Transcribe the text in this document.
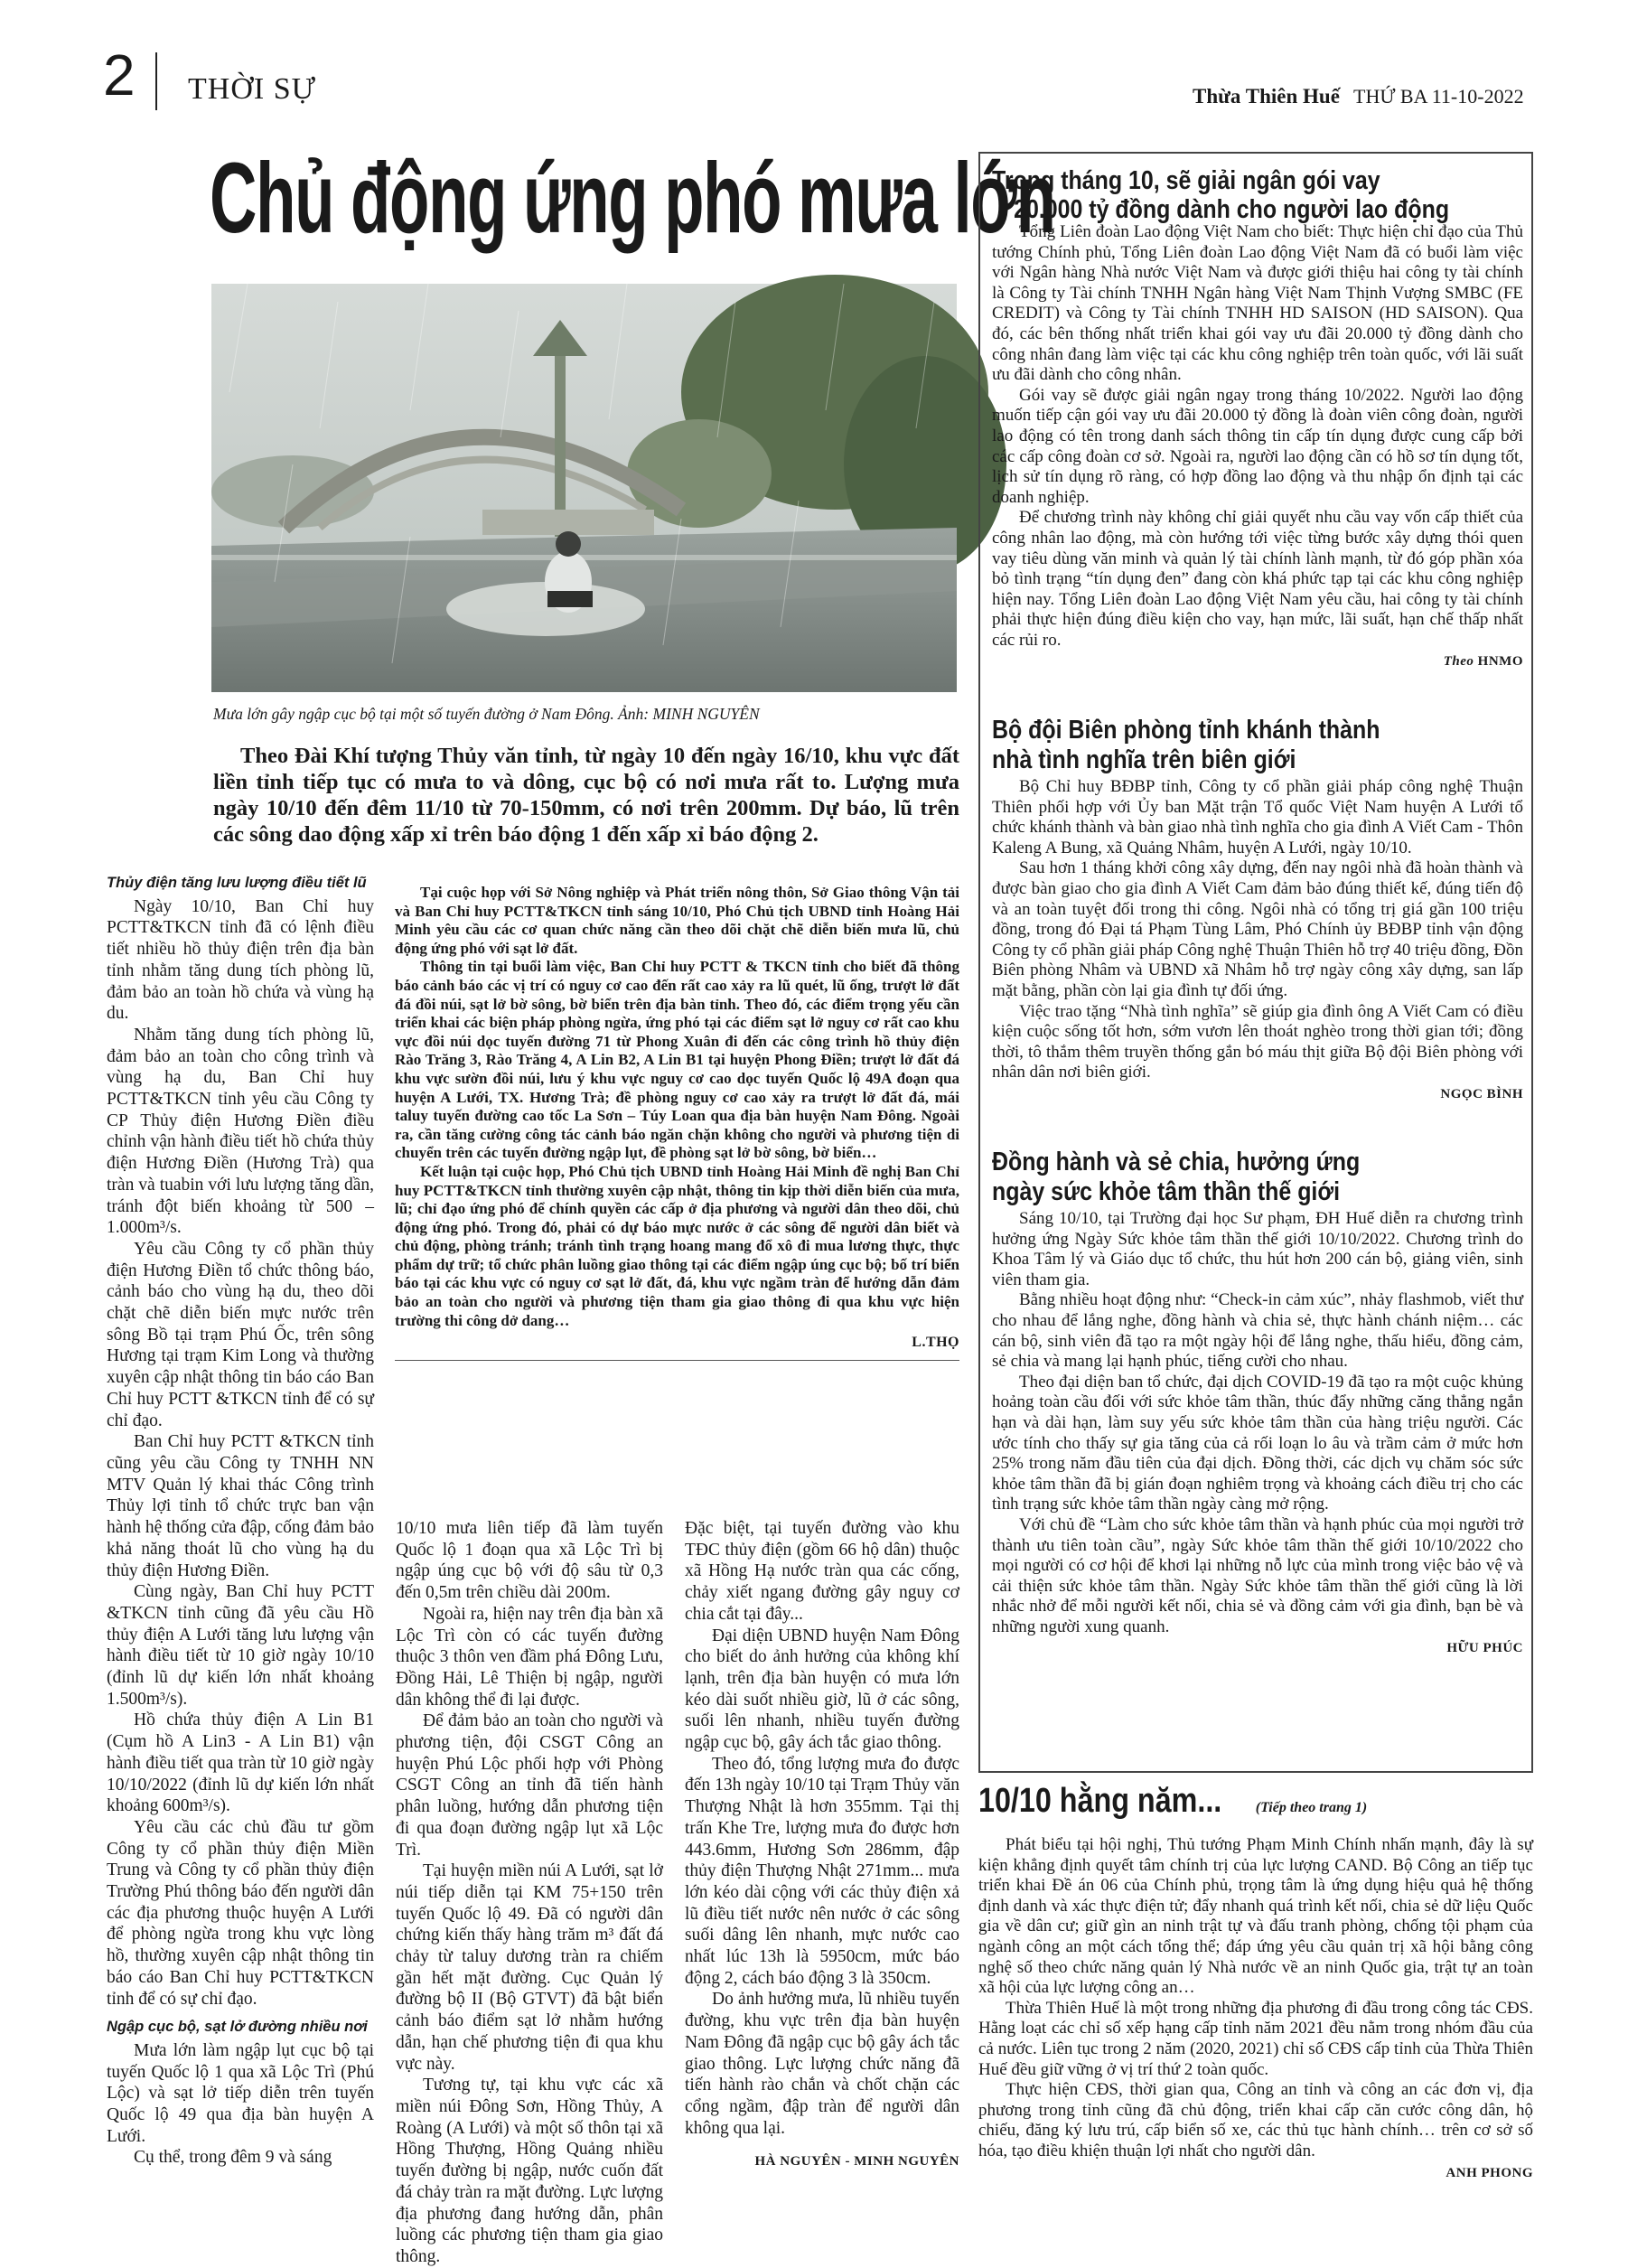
2 THỜI SỰ	Thừa Thiên Huế THỨ BA 11-10-2022
Chủ động ứng phó mưa lớn
Mưa lớn gây ngập cục bộ tại một số tuyến đường ở Nam Đông. Ảnh: MINH NGUYÊN
Theo Đài Khí tượng Thủy văn tỉnh, từ ngày 10 đến ngày 16/10, khu vực đất liền tỉnh tiếp tục có mưa to và dông, cục bộ có nơi mưa rất to. Lượng mưa ngày 10/10 đến đêm 11/10 từ 70-150mm, có nơi trên 200mm. Dự báo, lũ trên các sông dao động xấp xỉ trên báo động 1 đến xấp xỉ báo động 2.
Thủy điện tăng lưu lượng điều tiết lũ

Ngày 10/10, Ban Chỉ huy PCTT&TKCN tỉnh đã có lệnh điều tiết nhiều hồ thủy điện trên địa bàn tỉnh nhằm tăng dung tích phòng lũ, đảm bảo an toàn hồ chứa và vùng hạ du.

Nhằm tăng dung tích phòng lũ, đảm bảo an toàn cho công trình và vùng hạ du, Ban Chỉ huy PCTT&TKCN tỉnh yêu cầu Công ty CP Thủy điện Hương Điền điều chỉnh vận hành điều tiết hồ chứa thủy điện Hương Điền (Hương Trà) qua tràn và tuabin với lưu lượng tăng dần, tránh đột biến khoảng từ 500 – 1.000m³/s.

Yêu cầu Công ty cổ phần thủy điện Hương Điền tổ chức thông báo, cảnh báo cho vùng hạ du, theo dõi chặt chẽ diễn biến mực nước trên sông Bồ tại trạm Phú Ốc, trên sông Hương tại trạm Kim Long và thường xuyên cập nhật thông tin báo cáo Ban Chỉ huy PCTT &TKCN tỉnh để có sự chỉ đạo.

Ban Chỉ huy PCTT &TKCN tỉnh cũng yêu cầu Công ty TNHH NN MTV Quản lý khai thác Công trình Thủy lợi tỉnh tổ chức trực ban vận hành hệ thống cửa đập, cống đảm bảo khả năng thoát lũ cho vùng hạ du thủy điện Hương Điền.

Cùng ngày, Ban Chỉ huy PCTT &TKCN tỉnh cũng đã yêu cầu Hồ thủy điện A Lưới tăng lưu lượng vận hành điều tiết từ 10 giờ ngày 10/10 (đỉnh lũ dự kiến lớn nhất khoảng 1.500m³/s).

Hồ chứa thủy điện A Lin B1 (Cụm hồ A Lin3 - A Lin B1) vận hành điều tiết qua tràn từ 10 giờ ngày 10/10/2022 (đỉnh lũ dự kiến lớn nhất khoảng 600m³/s).

Yêu cầu các chủ đầu tư gồm Công ty cổ phần thủy điện Miền Trung và Công ty cổ phần thủy điện Trường Phú thông báo đến người dân các địa phương thuộc huyện A Lưới để phòng ngừa trong khu vực lòng hồ, thường xuyên cập nhật thông tin báo cáo Ban Chỉ huy PCTT&TKCN tỉnh để có sự chỉ đạo.

Ngập cục bộ, sạt lở đường nhiều nơi

Mưa lớn làm ngập lụt cục bộ tại tuyến Quốc lộ 1 qua xã Lộc Trì (Phú Lộc) và sạt lở tiếp diễn trên tuyến Quốc lộ 49 qua địa bàn huyện A Lưới.

Cụ thể, trong đêm 9 và sáng

Tại cuộc họp với Sở Nông nghiệp và Phát triển nông thôn, Sở Giao thông Vận tải và Ban Chỉ huy PCTT&TKCN tỉnh sáng 10/10, Phó Chủ tịch UBND tỉnh Hoàng Hải Minh yêu cầu các cơ quan chức năng cần theo dõi chặt chẽ diễn biến mưa lũ, chủ động ứng phó với sạt lở đất.

Thông tin tại buổi làm việc, Ban Chỉ huy PCTT & TKCN tỉnh cho biết đã thông báo cảnh báo các vị trí có nguy cơ cao đến rất cao xảy ra lũ quét, lũ ống, trượt lở đất đá đồi núi, sạt lở bờ sông, bờ biển trên địa bàn tỉnh. Theo đó, các điểm trọng yếu cần triển khai các biện pháp phòng ngừa, ứng phó tại các điểm sạt lở nguy cơ rất cao khu vực đồi núi dọc tuyến đường 71 từ Phong Xuân đi đến các công trình hồ thủy điện Rào Trăng 3, Rào Trăng 4, A Lin B2, A Lin B1 tại huyện Phong Điền; trượt lở đất đá khu vực sườn đồi núi, lưu ý khu vực nguy cơ cao dọc tuyến Quốc lộ 49A đoạn qua huyện A Lưới, TX. Hương Trà; đề phòng nguy cơ cao xảy ra trượt lở đất đá, mái taluy tuyến đường cao tốc La Sơn – Túy Loan qua địa bàn huyện Nam Đông. Ngoài ra, cần tăng cường công tác cảnh báo ngăn chặn không cho người và phương tiện di chuyển trên các tuyến đường ngập lụt, đề phòng sạt lở bờ sông, bờ biển…

Kết luận tại cuộc họp, Phó Chủ tịch UBND tỉnh Hoàng Hải Minh đề nghị Ban Chỉ huy PCTT&TKCN tỉnh thường xuyên cập nhật, thông tin kịp thời diễn biến của mưa, lũ; chỉ đạo ứng phó để chính quyền các cấp ở địa phương và người dân theo dõi, chủ động ứng phó. Trong đó, phải có dự báo mực nước ở các sông để người dân biết và chủ động, phòng tránh; tránh tình trạng hoang mang đổ xô đi mua lương thực, thực phẩm dự trữ; tổ chức phân luồng giao thông tại các điểm ngập úng cục bộ; bố trí biển báo tại các khu vực có nguy cơ sạt lở đất, đá, khu vực ngầm tràn để hướng dẫn đảm bảo an toàn cho người và phương tiện tham gia giao thông đi qua khu vực hiện trường thi công dở dang…

L.THỌ

10/10 mưa liên tiếp đã làm tuyến Quốc lộ 1 đoạn qua xã Lộc Trì bị ngập úng cục bộ với độ sâu từ 0,3 đến 0,5m trên chiều dài 200m.

Ngoài ra, hiện nay trên địa bàn xã Lộc Trì còn có các tuyến đường thuộc 3 thôn ven đầm phá Đông Lưu, Đồng Hải, Lê Thiện bị ngập, người dân không thể đi lại được.

Để đảm bảo an toàn cho người và phương tiện, đội CSGT Công an huyện Phú Lộc phối hợp với Phòng CSGT Công an tỉnh đã tiến hành phân luồng, hướng dẫn phương tiện đi qua đoạn đường ngập lụt xã Lộc Trì.

Tại huyện miền núi A Lưới, sạt lở núi tiếp diễn tại KM 75+150 trên tuyến Quốc lộ 49. Đã có người dân chứng kiến thấy hàng trăm m³ đất đá chảy từ taluy dương tràn ra chiếm gần hết mặt đường. Cục Quản lý đường bộ II (Bộ GTVT) đã bật biển cảnh báo điểm sạt lở nhằm hướng dẫn, hạn chế phương tiện đi qua khu vực này.

Tương tự, tại khu vực các xã miền núi Đông Sơn, Hồng Thủy, A Roàng (A Lưới) và một số thôn tại xã Hồng Thượng, Hồng Quảng nhiều tuyến đường bị ngập, nước cuốn đất đá chảy tràn ra mặt đường. Lực lượng địa phương đang hướng dẫn, phân luồng các phương tiện tham gia giao thông.

Đặc biệt, tại tuyến đường vào khu TĐC thủy điện (gồm 66 hộ dân) thuộc xã Hồng Hạ nước tràn qua các cống, chảy xiết ngang đường gây nguy cơ chia cắt tại đây...

Đại diện UBND huyện Nam Đông cho biết do ảnh hưởng của không khí lạnh, trên địa bàn huyện có mưa lớn kéo dài suốt nhiều giờ, lũ ở các sông, suối lên nhanh, nhiều tuyến đường ngập cục bộ, gây ách tắc giao thông.

Theo đó, tổng lượng mưa đo được đến 13h ngày 10/10 tại Trạm Thủy văn Thượng Nhật là hơn 355mm. Tại thị trấn Khe Tre, lượng mưa đo được hơn 443.6mm, Hương Sơn 286mm, đập thủy điện Thượng Nhật 271mm... mưa lớn kéo dài cộng với các thủy điện xả lũ điều tiết nước nên nước ở các sông suối dâng lên nhanh, mực nước cao nhất lúc 13h là 5950cm, mức báo động 2, cách báo động 3 là 350cm.

Do ảnh hưởng mưa, lũ nhiều tuyến đường, khu vực trên địa bàn huyện Nam Đông đã ngập cục bộ gây ách tắc giao thông. Lực lượng chức năng đã tiến hành rào chắn và chốt chặn các cổng ngầm, đập tràn để người dân không qua lại.

HÀ NGUYÊN - MINH NGUYÊN
Trong tháng 10, sẽ giải ngân gói vay
20.000 tỷ đồng dành cho người lao động

Tổng Liên đoàn Lao động Việt Nam cho biết: Thực hiện chỉ đạo của Thủ tướng Chính phủ, Tổng Liên đoàn Lao động Việt Nam đã có buổi làm việc với Ngân hàng Nhà nước Việt Nam và được giới thiệu hai công ty tài chính là Công ty Tài chính TNHH Ngân hàng Việt Nam Thịnh Vượng SMBC (FE CREDIT) và Công ty Tài chính TNHH HD SAISON (HD SAISON). Qua đó, các bên thống nhất triển khai gói vay ưu đãi 20.000 tỷ đồng dành cho công nhân đang làm việc tại các khu công nghiệp trên toàn quốc, với lãi suất ưu đãi dành cho công nhân.

Gói vay sẽ được giải ngân ngay trong tháng 10/2022. Người lao động muốn tiếp cận gói vay ưu đãi 20.000 tỷ đồng là đoàn viên công đoàn, người lao động có tên trong danh sách thông tin cấp tín dụng được cung cấp bởi các cấp công đoàn cơ sở. Ngoài ra, người lao động cần có hồ sơ tín dụng tốt, lịch sử tín dụng rõ ràng, có hợp đồng lao động và thu nhập ổn định tại các doanh nghiệp.

Để chương trình này không chỉ giải quyết nhu cầu vay vốn cấp thiết của công nhân lao động, mà còn hướng tới việc từng bước xây dựng thói quen vay tiêu dùng văn minh và quản lý tài chính lành mạnh, từ đó góp phần xóa bỏ tình trạng “tín dụng đen” đang còn khá phức tạp tại các khu công nghiệp hiện nay. Tổng Liên đoàn Lao động Việt Nam yêu cầu, hai công ty tài chính phải thực hiện đúng điều kiện cho vay, hạn mức, lãi suất, hạn chế thấp nhất các rủi ro.

Theo HNMO
Bộ đội Biên phòng tỉnh khánh thành
nhà tình nghĩa trên biên giới

Bộ Chỉ huy BĐBP tỉnh, Công ty cổ phần giải pháp công nghệ Thuận Thiên phối hợp với Ủy ban Mặt trận Tổ quốc Việt Nam huyện A Lưới tổ chức khánh thành và bàn giao nhà tình nghĩa cho gia đình A Viết Cam - Thôn Kaleng A Bung, xã Quảng Nhâm, huyện A Lưới, ngày 10/10.

Sau hơn 1 tháng khởi công xây dựng, đến nay ngôi nhà đã hoàn thành và được bàn giao cho gia đình A Viết Cam đảm bảo đúng thiết kế, đúng tiến độ và an toàn tuyệt đối trong thi công. Ngôi nhà có tổng trị giá gần 100 triệu đồng, trong đó Đại tá Phạm Tùng Lâm, Phó Chính ủy BĐBP tỉnh vận động Công ty cổ phần giải pháp Công nghệ Thuận Thiên hỗ trợ 40 triệu đồng, Đồn Biên phòng Nhâm và UBND xã Nhâm hỗ trợ ngày công xây dựng, san lấp mặt bằng, phần còn lại gia đình tự đối ứng.

Việc trao tặng “Nhà tình nghĩa” sẽ giúp gia đình ông A Viết Cam có điều kiện cuộc sống tốt hơn, sớm vươn lên thoát nghèo trong thời gian tới; đồng thời, tô thắm thêm truyền thống gắn bó máu thịt giữa Bộ đội Biên phòng với nhân dân nơi biên giới.

NGỌC BÌNH
Đồng hành và sẻ chia, hưởng ứng
ngày sức khỏe tâm thần thế giới

Sáng 10/10, tại Trường đại học Sư phạm, ĐH Huế diễn ra chương trình hưởng ứng Ngày Sức khỏe tâm thần thế giới 10/10/2022. Chương trình do Khoa Tâm lý và Giáo dục tổ chức, thu hút hơn 200 cán bộ, giảng viên, sinh viên tham gia.

Bằng nhiều hoạt động như: “Check-in cảm xúc”, nhảy flashmob, viết thư cho nhau để lắng nghe, đồng hành và chia sẻ, thực hành chánh niệm… các cán bộ, sinh viên đã tạo ra một ngày hội để lắng nghe, thấu hiểu, đồng cảm, sẻ chia và mang lại hạnh phúc, tiếng cười cho nhau.

Theo đại diện ban tổ chức, đại dịch COVID-19 đã tạo ra một cuộc khủng hoảng toàn cầu đối với sức khỏe tâm thần, thúc đẩy những căng thẳng ngắn hạn và dài hạn, làm suy yếu sức khỏe tâm thần của hàng triệu người. Các ước tính cho thấy sự gia tăng của cả rối loạn lo âu và trầm cảm ở mức hơn 25% trong năm đầu tiên của đại dịch. Đồng thời, các dịch vụ chăm sóc sức khỏe tâm thần đã bị gián đoạn nghiêm trọng và khoảng cách điều trị cho các tình trạng sức khỏe tâm thần ngày càng mở rộng.

Với chủ đề “Làm cho sức khỏe tâm thần và hạnh phúc của mọi người trở thành ưu tiên toàn cầu”, ngày Sức khỏe tâm thần thế giới 10/10/2022 cho mọi người có cơ hội để khơi lại những nỗ lực của mình trong việc bảo vệ và cải thiện sức khỏe tâm thần. Ngày Sức khỏe tâm thần thế giới cũng là lời nhắc nhở để mỗi người kết nối, chia sẻ và đồng cảm với gia đình, bạn bè và những người xung quanh.

HỮU PHÚC
10/10 hằng năm... (Tiếp theo trang 1)

Phát biểu tại hội nghị, Thủ tướng Phạm Minh Chính nhấn mạnh, đây là sự kiện khẳng định quyết tâm chính trị của lực lượng CAND. Bộ Công an tiếp tục triển khai Đề án 06 của Chính phủ, trọng tâm là ứng dụng hiệu quả hệ thống định danh và xác thực điện tử; đẩy nhanh quá trình kết nối, chia sẻ dữ liệu Quốc gia về dân cư; giữ gìn an ninh trật tự và đấu tranh phòng, chống tội phạm của ngành công an một cách tổng thể; đáp ứng yêu cầu quản trị xã hội bằng công nghệ số theo chức năng quản lý Nhà nước về an ninh Quốc gia, trật tự an toàn xã hội của lực lượng công an…

Thừa Thiên Huế là một trong những địa phương đi đầu trong công tác CĐS. Hằng loạt các chỉ số xếp hạng cấp tỉnh năm 2021 đều nằm trong nhóm đầu của cả nước. Liên tục trong 2 năm (2020, 2021) chỉ số CĐS cấp tỉnh của Thừa Thiên Huế đều giữ vững ở vị trí thứ 2 toàn quốc.

Thực hiện CĐS, thời gian qua, Công an tỉnh và công an các đơn vị, địa phương trong tỉnh cũng đã chủ động, triển khai cấp căn cước công dân, hộ chiếu, đăng ký lưu trú, cấp biển số xe, các thủ tục hành chính… trên cơ sở số hóa, tạo điều khiện thuận lợi nhất cho người dân.

ANH PHONG
